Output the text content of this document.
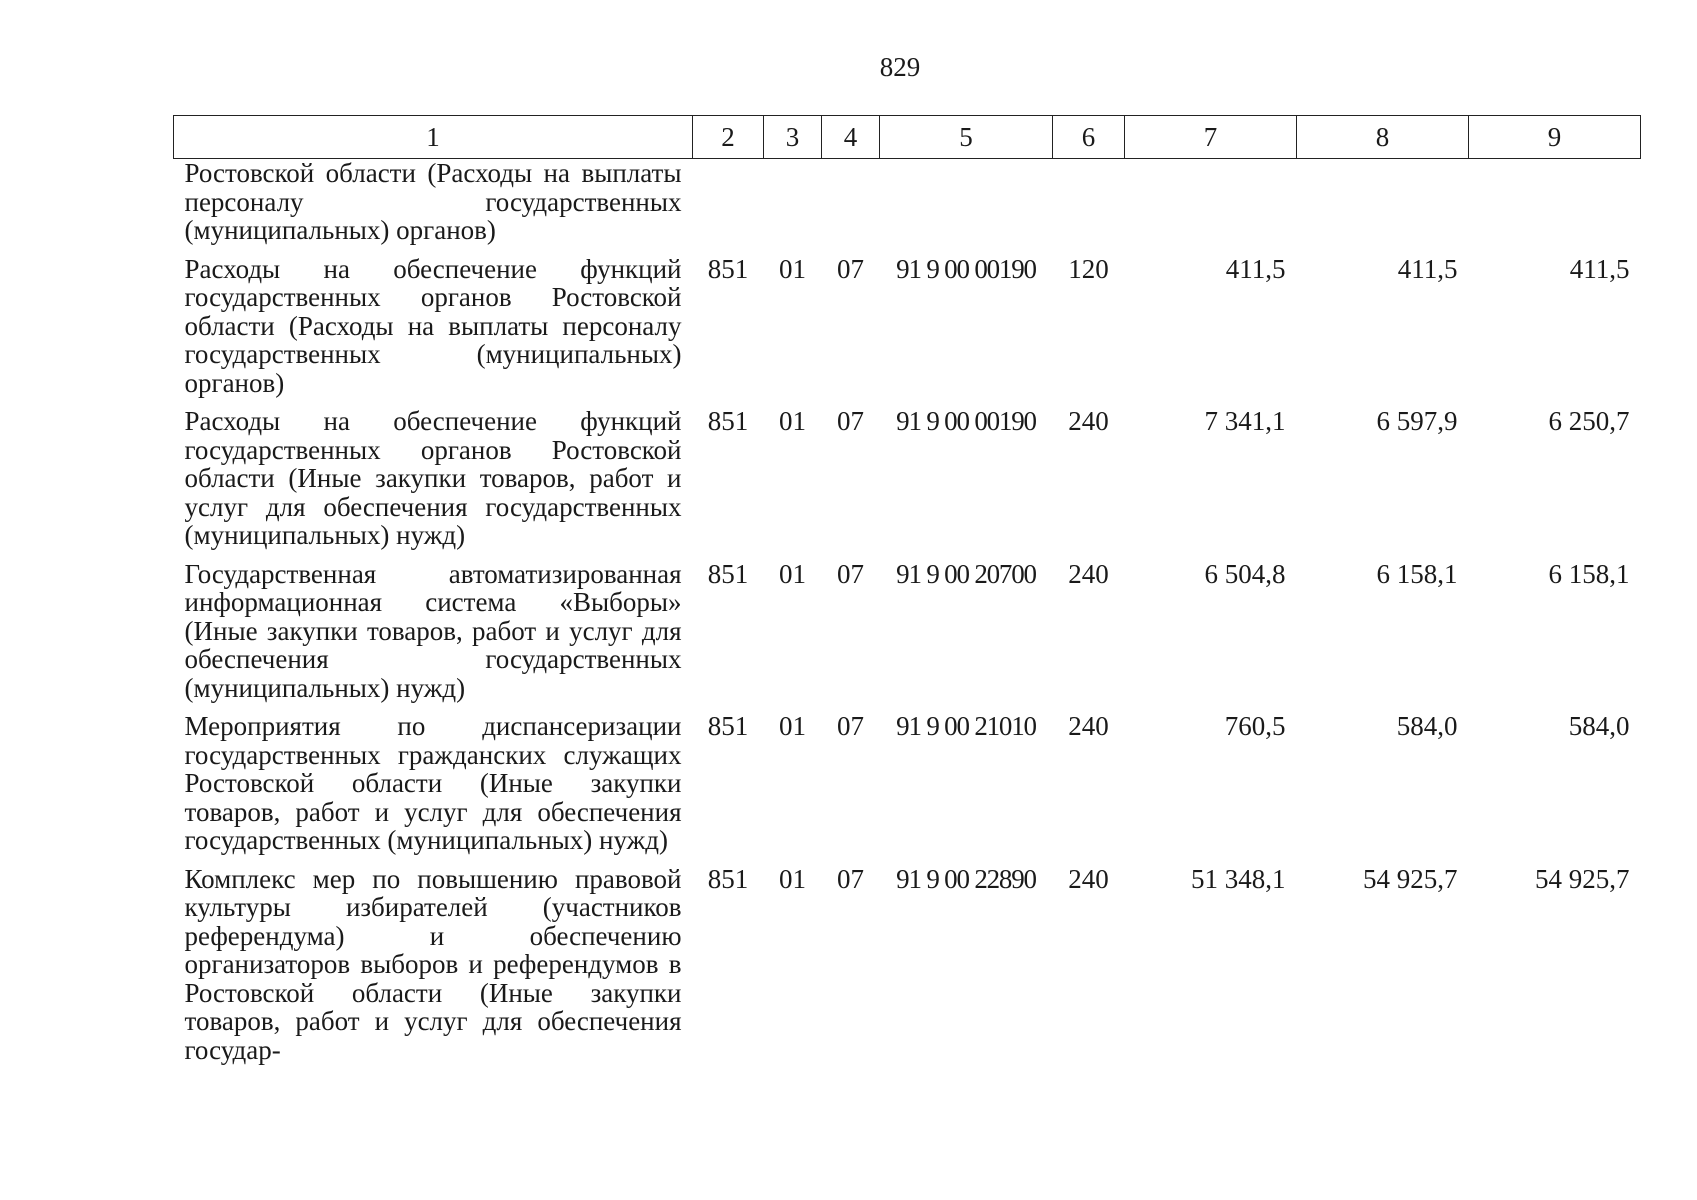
829
1	2	3	4	5	6	7	8	9
Ростовской области (Расходы на выплаты персоналу государственных (муниципальных) органов)								
Расходы на обеспечение функций государственных органов Ростовской области (Расходы на выплаты персоналу государственных (муниципальных) органов)	851	01	07	91 9 00 00190	120	411,5	411,5	411,5
Расходы на обеспечение функций государственных органов Ростовской области (Иные закупки товаров, работ и услуг для обеспечения государственных (муниципальных) нужд)	851	01	07	91 9 00 00190	240	7 341,1	6 597,9	6 250,7
Государственная автоматизированная информационная система «Выборы» (Иные закупки товаров, работ и услуг для обеспечения государственных (муниципальных) нужд)	851	01	07	91 9 00 20700	240	6 504,8	6 158,1	6 158,1
Мероприятия по диспансеризации государственных гражданских служащих Ростовской области (Иные закупки товаров, работ и услуг для обеспечения государственных (муниципальных) нужд)	851	01	07	91 9 00 21010	240	760,5	584,0	584,0
Комплекс мер по повышению правовой культуры избирателей (участников референдума) и обеспечению организаторов выборов и референдумов в Ростовской области (Иные закупки товаров, работ и услуг для обеспечения государ-	851	01	07	91 9 00 22890	240	51 348,1	54 925,7	54 925,7
